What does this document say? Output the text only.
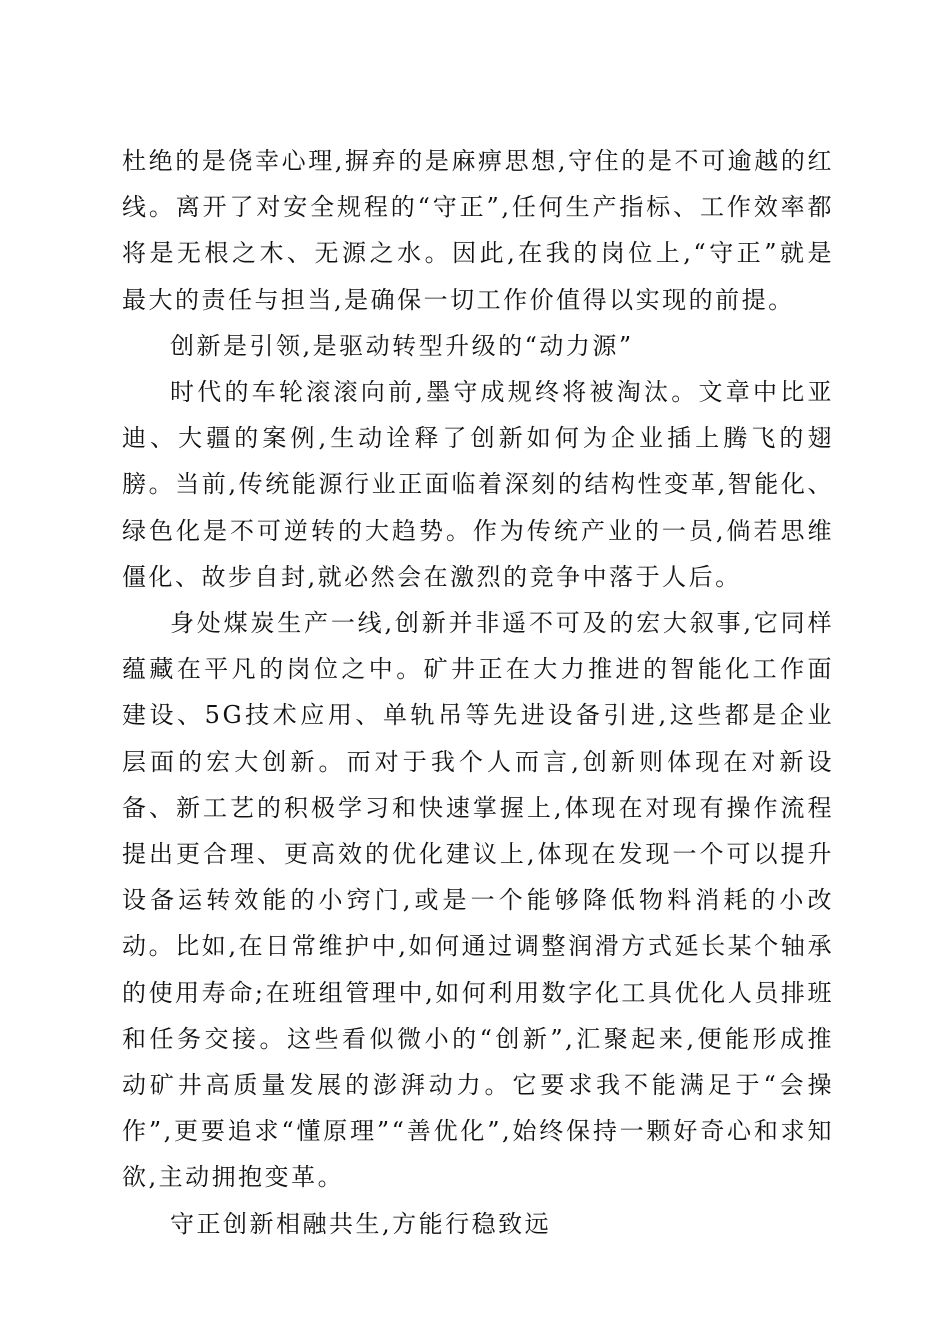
杜绝的是侥幸心理,摒弃的是麻痹思想,守住的是不可逾越的红线。离开了对安全规程的“守正”,任何生产指标、工作效率都将是无根之木、无源之水。因此,在我的岗位上,“守正”就是最大的责任与担当,是确保一切工作价值得以实现的前提。

创新是引领,是驱动转型升级的“动力源”

时代的车轮滚滚向前,墨守成规终将被淘汰。文章中比亚迪、大疆的案例,生动诠释了创新如何为企业插上腾飞的翅膀。当前,传统能源行业正面临着深刻的结构性变革,智能化、绿色化是不可逆转的大趋势。作为传统产业的一员,倘若思维僵化、故步自封,就必然会在激烈的竞争中落于人后。

身处煤炭生产一线,创新并非遥不可及的宏大叙事,它同样蕴藏在平凡的岗位之中。矿井正在大力推进的智能化工作面建设、5G技术应用、单轨吊等先进设备引进,这些都是企业层面的宏大创新。而对于我个人而言,创新则体现在对新设备、新工艺的积极学习和快速掌握上,体现在对现有操作流程提出更合理、更高效的优化建议上,体现在发现一个可以提升设备运转效能的小窍门,或是一个能够降低物料消耗的小改动。比如,在日常维护中,如何通过调整润滑方式延长某个轴承的使用寿命;在班组管理中,如何利用数字化工具优化人员排班和任务交接。这些看似微小的“创新”,汇聚起来,便能形成推动矿井高质量发展的澎湃动力。它要求我不能满足于“会操作”,更要追求“懂原理”“善优化”,始终保持一颗好奇心和求知欲,主动拥抱变革。

守正创新相融共生,方能行稳致远
